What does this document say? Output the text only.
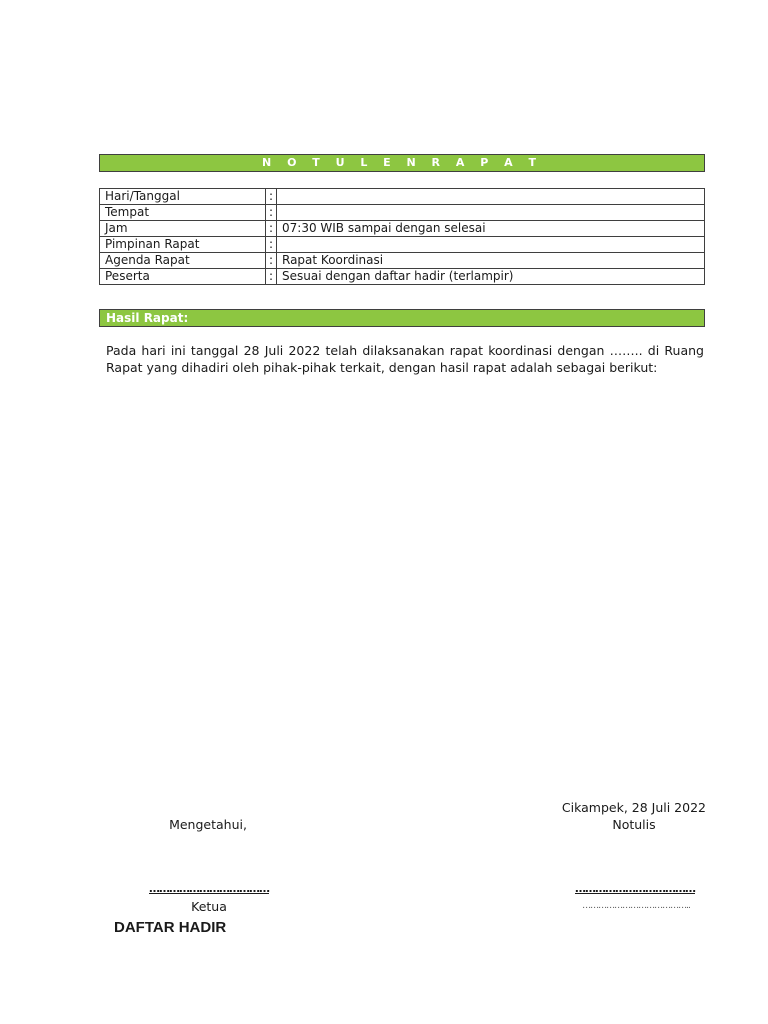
N O T U L E N R A P A T
Hari/Tanggal	:	
Tempat	:	
Jam	:	07:30 WIB sampai dengan selesai
Pimpinan Rapat	:	
Agenda Rapat	:	Rapat Koordinasi
Peserta	:	Sesuai dengan daftar hadir (terlampir)
Hasil Rapat:
Pada hari ini tanggal 28 Juli 2022 telah dilaksanakan rapat koordinasi dengan …….. di Ruang Rapat yang dihadiri oleh pihak-pihak terkait, dengan hasil rapat adalah sebagai berikut:
Cikampek, 28 Juli 2022
Notulis
Mengetahui,
………………………………
Ketua
………………………………
…………………………………..
DAFTAR HADIR
